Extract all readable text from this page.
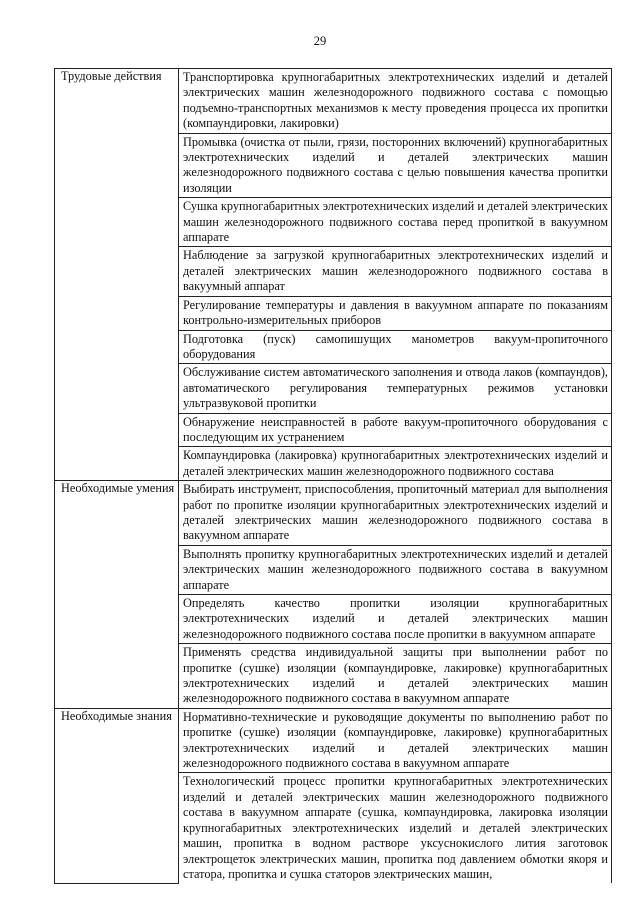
29
Трудовые действия	Транспортировка крупногабаритных электротехнических изделий и деталей электрических машин железнодорожного подвижного состава с помощью подъемно-транспортных механизмов к месту проведения процесса их пропитки (компаундировки, лакировки)
	Промывка (очистка от пыли, грязи, посторонних включений) крупногабаритных электротехнических изделий и деталей электрических машин железнодорожного подвижного состава с целью повышения качества пропитки изоляции
	Сушка крупногабаритных электротехнических изделий и деталей электрических машин железнодорожного подвижного состава перед пропиткой в вакуумном аппарате
	Наблюдение за загрузкой крупногабаритных электротехнических изделий и деталей электрических машин железнодорожного подвижного состава в вакуумный аппарат
	Регулирование температуры и давления в вакуумном аппарате по показаниям контрольно-измерительных приборов
	Подготовка (пуск) самопишущих манометров вакуум-пропиточного оборудования
	Обслуживание систем автоматического заполнения и отвода лаков (компаундов), автоматического регулирования температурных режимов установки ультразвуковой пропитки
	Обнаружение неисправностей в работе вакуум-пропиточного оборудования с последующим их устранением
	Компаундировка (лакировка) крупногабаритных электротехнических изделий и деталей электрических машин железнодорожного подвижного состава
Необходимые умения	Выбирать инструмент, приспособления, пропиточный материал для выполнения работ по пропитке изоляции крупногабаритных электротехнических изделий и деталей электрических машин железнодорожного подвижного состава в вакуумном аппарате
	Выполнять пропитку крупногабаритных электротехнических изделий и деталей электрических машин железнодорожного подвижного состава в вакуумном аппарате
	Определять качество пропитки изоляции крупногабаритных электротехнических изделий и деталей электрических машин железнодорожного подвижного состава после пропитки в вакуумном аппарате
	Применять средства индивидуальной защиты при выполнении работ по пропитке (сушке) изоляции (компаундировке, лакировке) крупногабаритных электротехнических изделий и деталей электрических машин железнодорожного подвижного состава в вакуумном аппарате
Необходимые знания	Нормативно-технические и руководящие документы по выполнению работ по пропитке (сушке) изоляции (компаундировке, лакировке) крупногабаритных электротехнических изделий и деталей электрических машин железнодорожного подвижного состава в вакуумном аппарате
	Технологический процесс пропитки крупногабаритных электротехнических изделий и деталей электрических машин железнодорожного подвижного состава в вакуумном аппарате (сушка, компаундировка, лакировка изоляции крупногабаритных электротехнических изделий и деталей электрических машин, пропитка в водном растворе уксуснокислого лития заготовок электрощеток электрических машин, пропитка под давлением обмотки якоря и статора, пропитка и сушка статоров электрических машин,
